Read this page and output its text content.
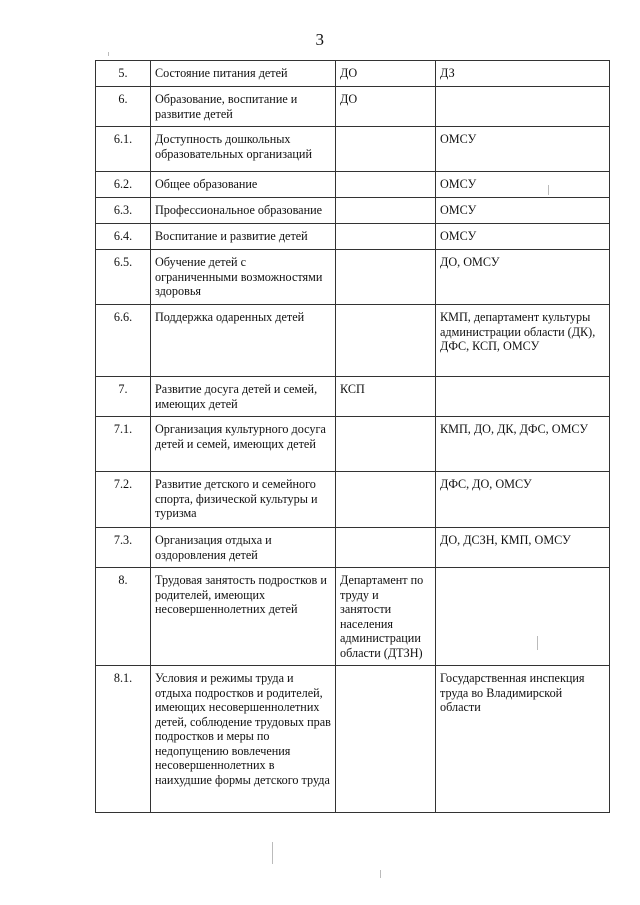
3
5.	Состояние питания детей	ДО	ДЗ
6.	Образование, воспитание и развитие детей	ДО	
6.1.	Доступность дошкольных образовательных организаций		ОМСУ
6.2.	Общее образование		ОМСУ
6.3.	Профессиональное образование		ОМСУ
6.4.	Воспитание и развитие детей		ОМСУ
6.5.	Обучение детей с ограниченными возможностями здоровья		ДО, ОМСУ
6.6.	Поддержка одаренных детей		КМП, департамент культуры администрации области (ДК), ДФС, КСП, ОМСУ
7.	Развитие досуга детей и семей, имеющих детей	КСП	
7.1.	Организация культурного досуга детей и семей, имеющих детей		КМП, ДО, ДК, ДФС, ОМСУ
7.2.	Развитие детского и семейного спорта, физической культуры и туризма		ДФС, ДО, ОМСУ
7.3.	Организация отдыха и оздоровления детей		ДО, ДСЗН, КМП, ОМСУ
8.	Трудовая занятость подростков и родителей, имеющих несовершеннолетних детей	Департамент по труду и занятости населения администрации области (ДТЗН)	
8.1.	Условия и режимы труда и отдыха подростков и родителей, имеющих несовершеннолетних детей, соблюдение трудовых прав подростков и меры по недопущению вовлечения несовершеннолетних в наихудшие формы детского труда		Государственная инспекция труда во Владимирской области
